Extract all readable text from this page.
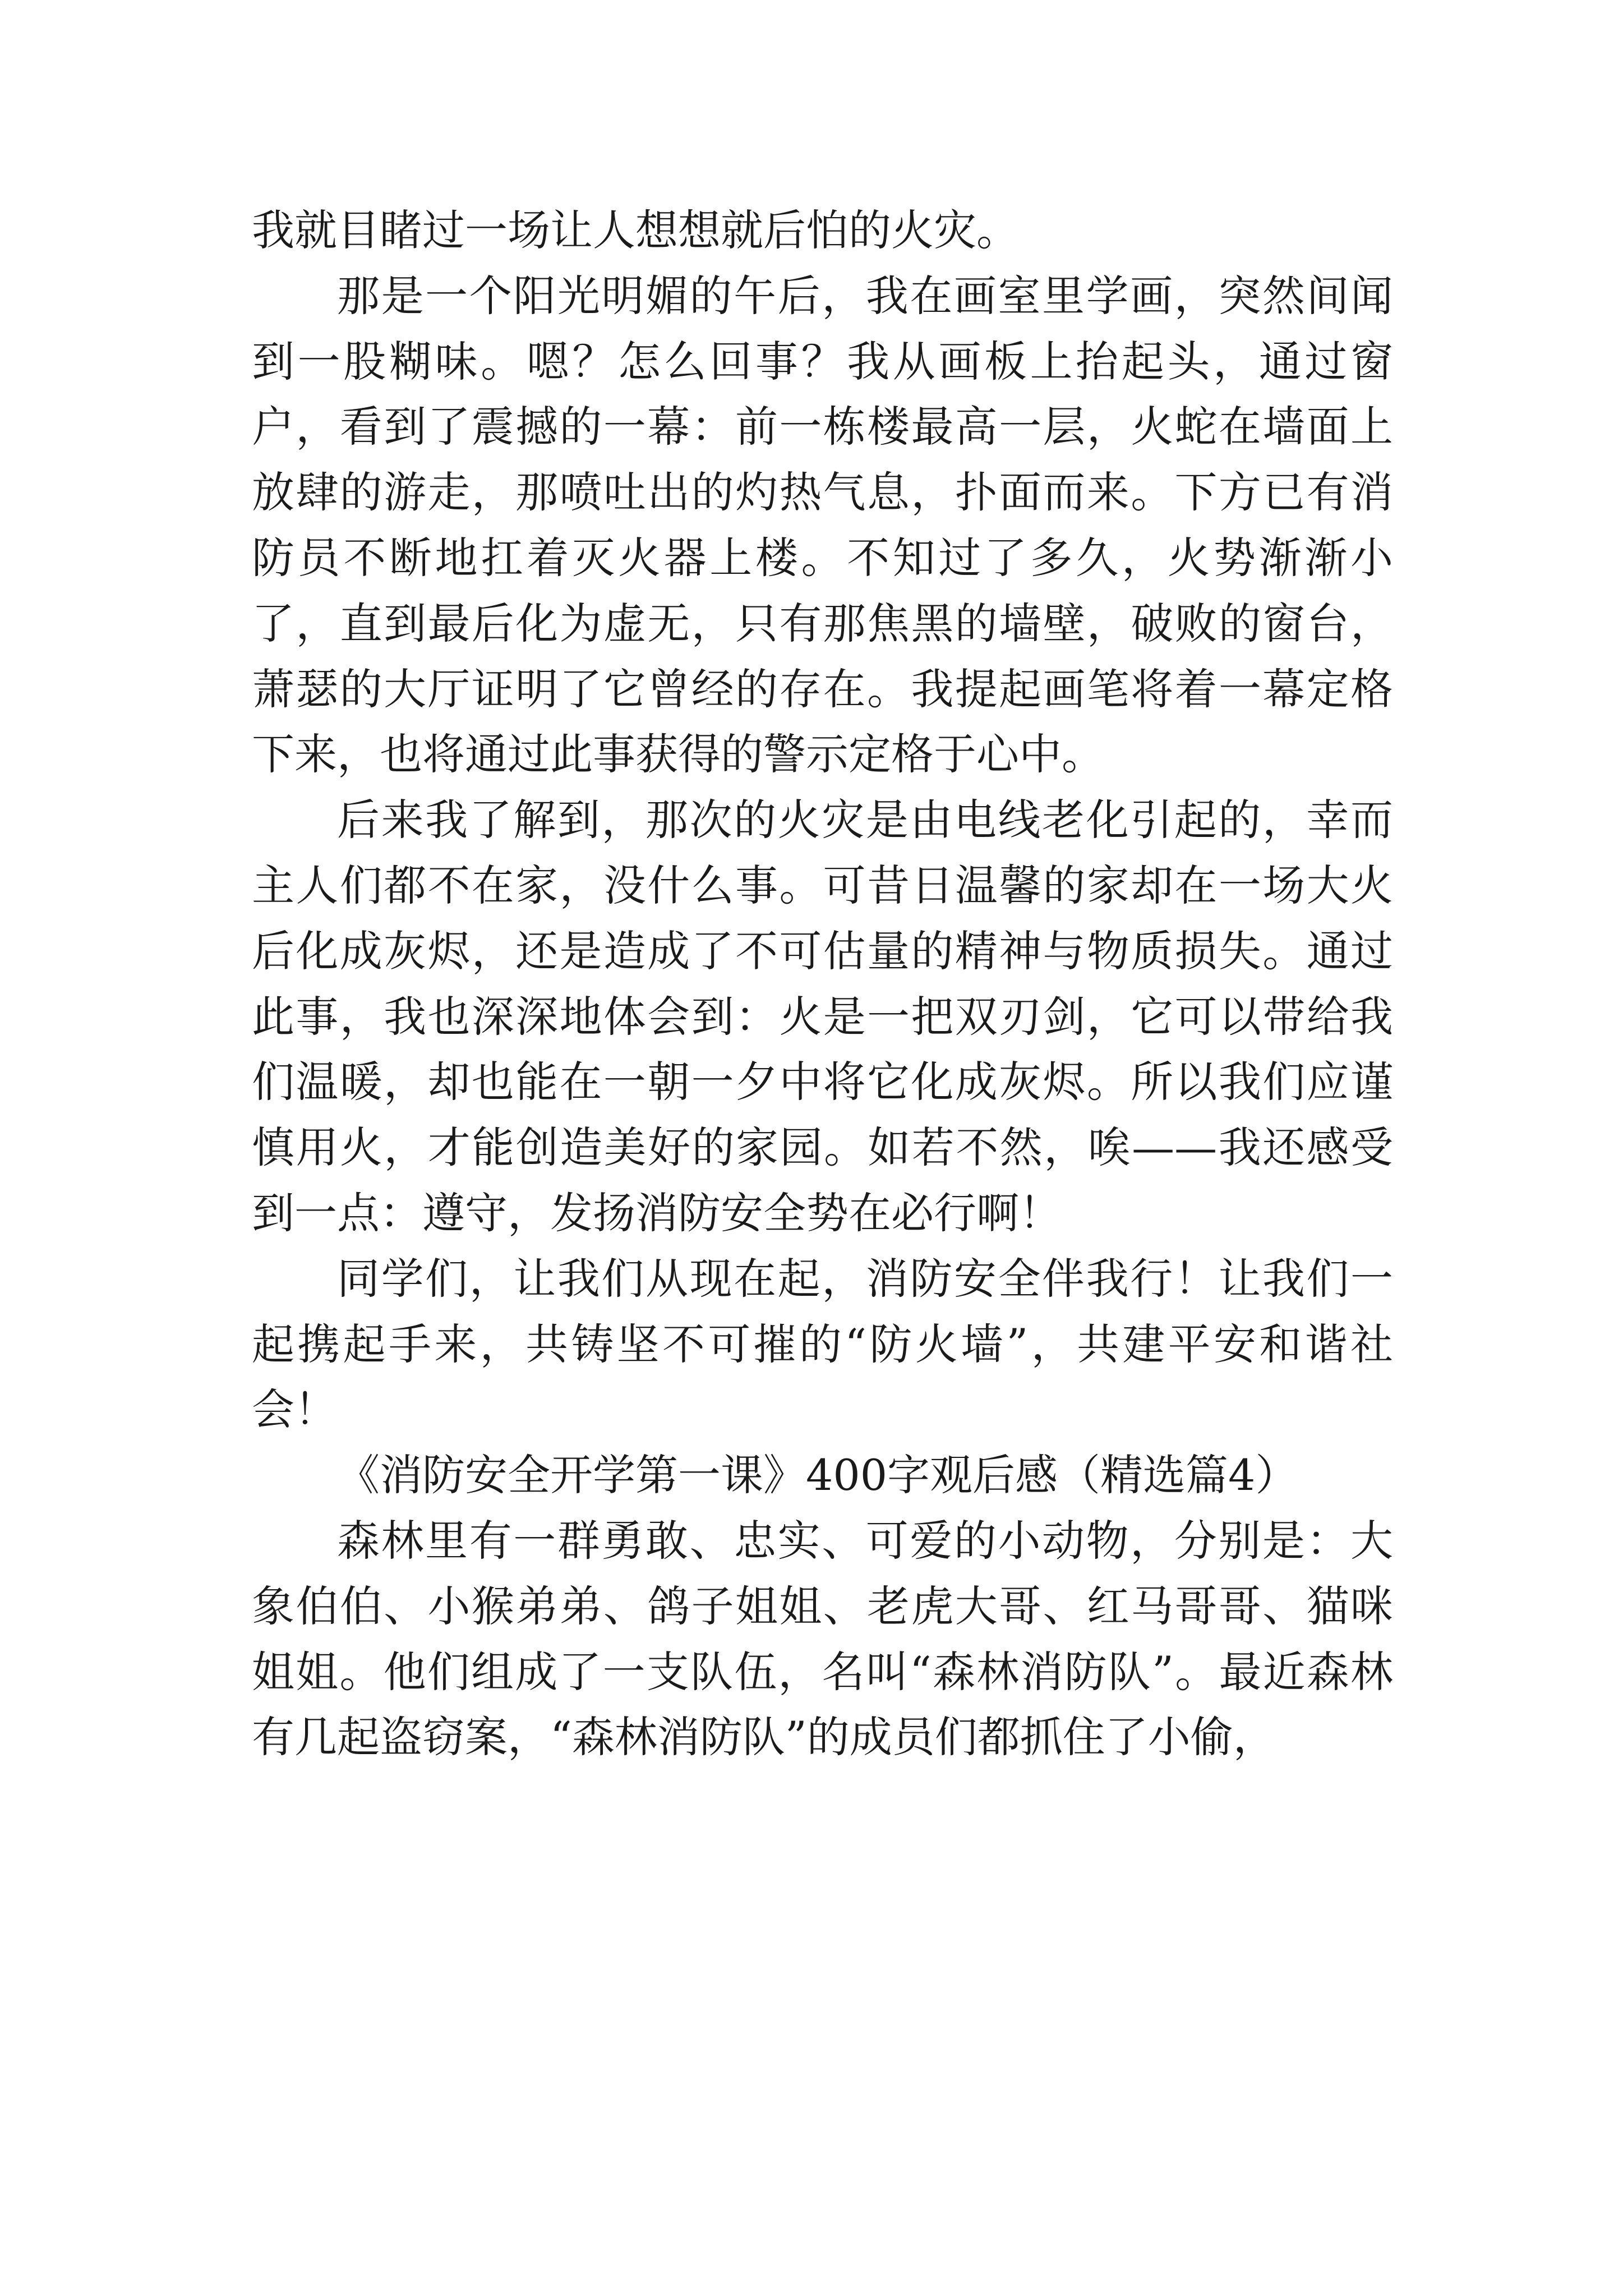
我就目睹过一场让人想想就后怕的火灾。

那是一个阳光明媚的午后，我在画室里学画，突然间闻到一股糊味。嗯？怎么回事？我从画板上抬起头，通过窗户，看到了震撼的一幕：前一栋楼最高一层，火蛇在墙面上放肆的游走，那喷吐出的灼热气息，扑面而来。下方已有消防员不断地扛着灭火器上楼。不知过了多久，火势渐渐小了，直到最后化为虚无，只有那焦黑的墙壁，破败的窗台，萧瑟的大厅证明了它曾经的存在。我提起画笔将着一幕定格下来，也将通过此事获得的警示定格于心中。

后来我了解到，那次的火灾是由电线老化引起的，幸而主人们都不在家，没什么事。可昔日温馨的家却在一场大火后化成灰烬，还是造成了不可估量的精神与物质损失。通过此事，我也深深地体会到：火是一把双刃剑，它可以带给我们温暖，却也能在一朝一夕中将它化成灰烬。所以我们应谨慎用火，才能创造美好的家园。如若不然，唉——我还感受到一点：遵守，发扬消防安全势在必行啊！

同学们，让我们从现在起，消防安全伴我行！让我们一起携起手来，共铸坚不可摧的“防火墙”，共建平安和谐社会！

《消防安全开学第一课》400字观后感（精选篇4）

森林里有一群勇敢、忠实、可爱的小动物，分别是：大象伯伯、小猴弟弟、鸽子姐姐、老虎大哥、红马哥哥、猫咪姐姐。他们组成了一支队伍，名叫“森林消防队”。最近森林有几起盗窃案，“森林消防队”的成员们都抓住了小偷，
